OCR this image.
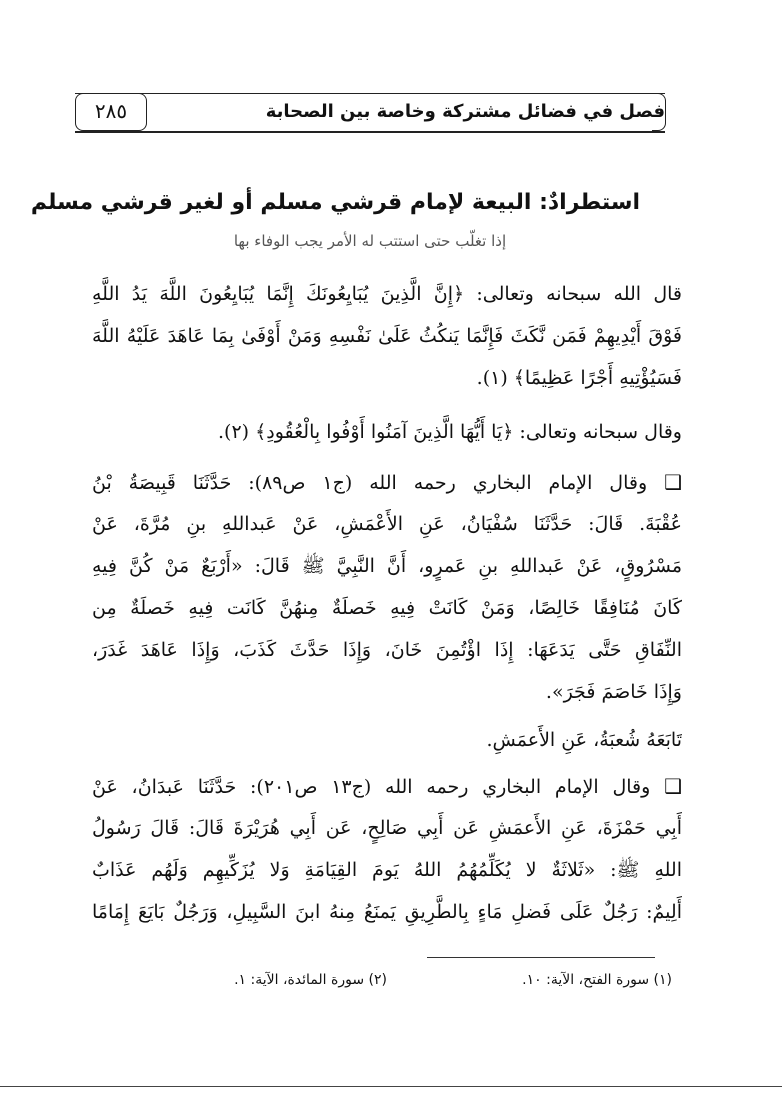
٢٨٥	فصل في فضائل مشتركة وخاصة بين الصحابة
استطرادٌ: البيعة لإمام قرشي مسلم أو لغير قرشي مسلم
إذا تغلّب حتى استتب له الأمر يجب الوفاء بها
قال الله سبحانه وتعالى: ﴿إِنَّ الَّذِينَ يُبَايِعُونَكَ إِنَّمَا يُبَايِعُونَ اللَّهَ يَدُ اللَّهِ
فَوْقَ أَيْدِيهِمْ فَمَن نَّكَثَ فَإِنَّمَا يَنكُثُ عَلَىٰ نَفْسِهِ وَمَنْ أَوْفَىٰ بِمَا عَاهَدَ عَلَيْهُ اللَّهَ
فَسَيُؤْتِيهِ أَجْرًا عَظِيمًا﴾ (١).
وقال سبحانه وتعالى: ﴿يَا أَيُّهَا الَّذِينَ آمَنُوا أَوْفُوا بِالْعُقُودِ﴾ (٢).
❑ وقال الإمام البخاري رحمه الله (ج١ ص٨٩): حَدَّثَنَا قَبِيصَةُ بْنُ
عُقْبَةَ. قَالَ: حَدَّثَنَا سُفْيَانُ، عَنِ الأَعْمَشِ، عَنْ عَبداللهِ بنِ مُرَّةَ، عَنْ
مَسْرُوقٍ، عَنْ عَبداللهِ بنِ عَمرٍو، أَنَّ النَّبِيَّ ﷺ قَالَ: «أَرْبَعٌ مَنْ كُنَّ فِيهِ
كَانَ مُنَافِقًا خَالِصًا، وَمَنْ كَانَتْ فِيهِ خَصلَةٌ مِنهُنَّ كَانَت فِيهِ خَصلَةٌ مِن
النِّفَاقِ حَتَّى يَدَعَهَا: إِذَا اؤْتُمِنَ خَانَ، وَإِذَا حَدَّثَ كَذَبَ، وَإِذَا عَاهَدَ غَدَرَ،
وَإِذَا خَاصَمَ فَجَرَ».
تَابَعَهُ شُعبَةُ، عَنِ الأَعمَشِ.
❑ وقال الإمام البخاري رحمه الله (ج١٣ ص٢٠١): حَدَّثَنَا عَبدَانُ، عَنْ
أَبِي حَمْزَةَ، عَنِ الأَعمَشِ عَن أَبِي صَالِحٍ، عَن أَبِي هُرَيْرَةَ قَالَ: قَالَ رَسُولُ
اللهِ ﷺ: «ثَلاثَةٌ لا يُكَلِّمُهُمُ اللهُ يَومَ القِيَامَةِ وَلا يُزَكِّيهِم وَلَهُم عَذَابٌ
أَلِيمٌ: رَجُلٌ عَلَى فَضلِ مَاءٍ بِالطَّرِيقِ يَمنَعُ مِنهُ ابنَ السَّبِيلِ، وَرَجُلٌ بَايَعَ إِمَامًا
(١) سورة الفتح، الآية: ١٠.
(٢) سورة المائدة، الآية: ١.
